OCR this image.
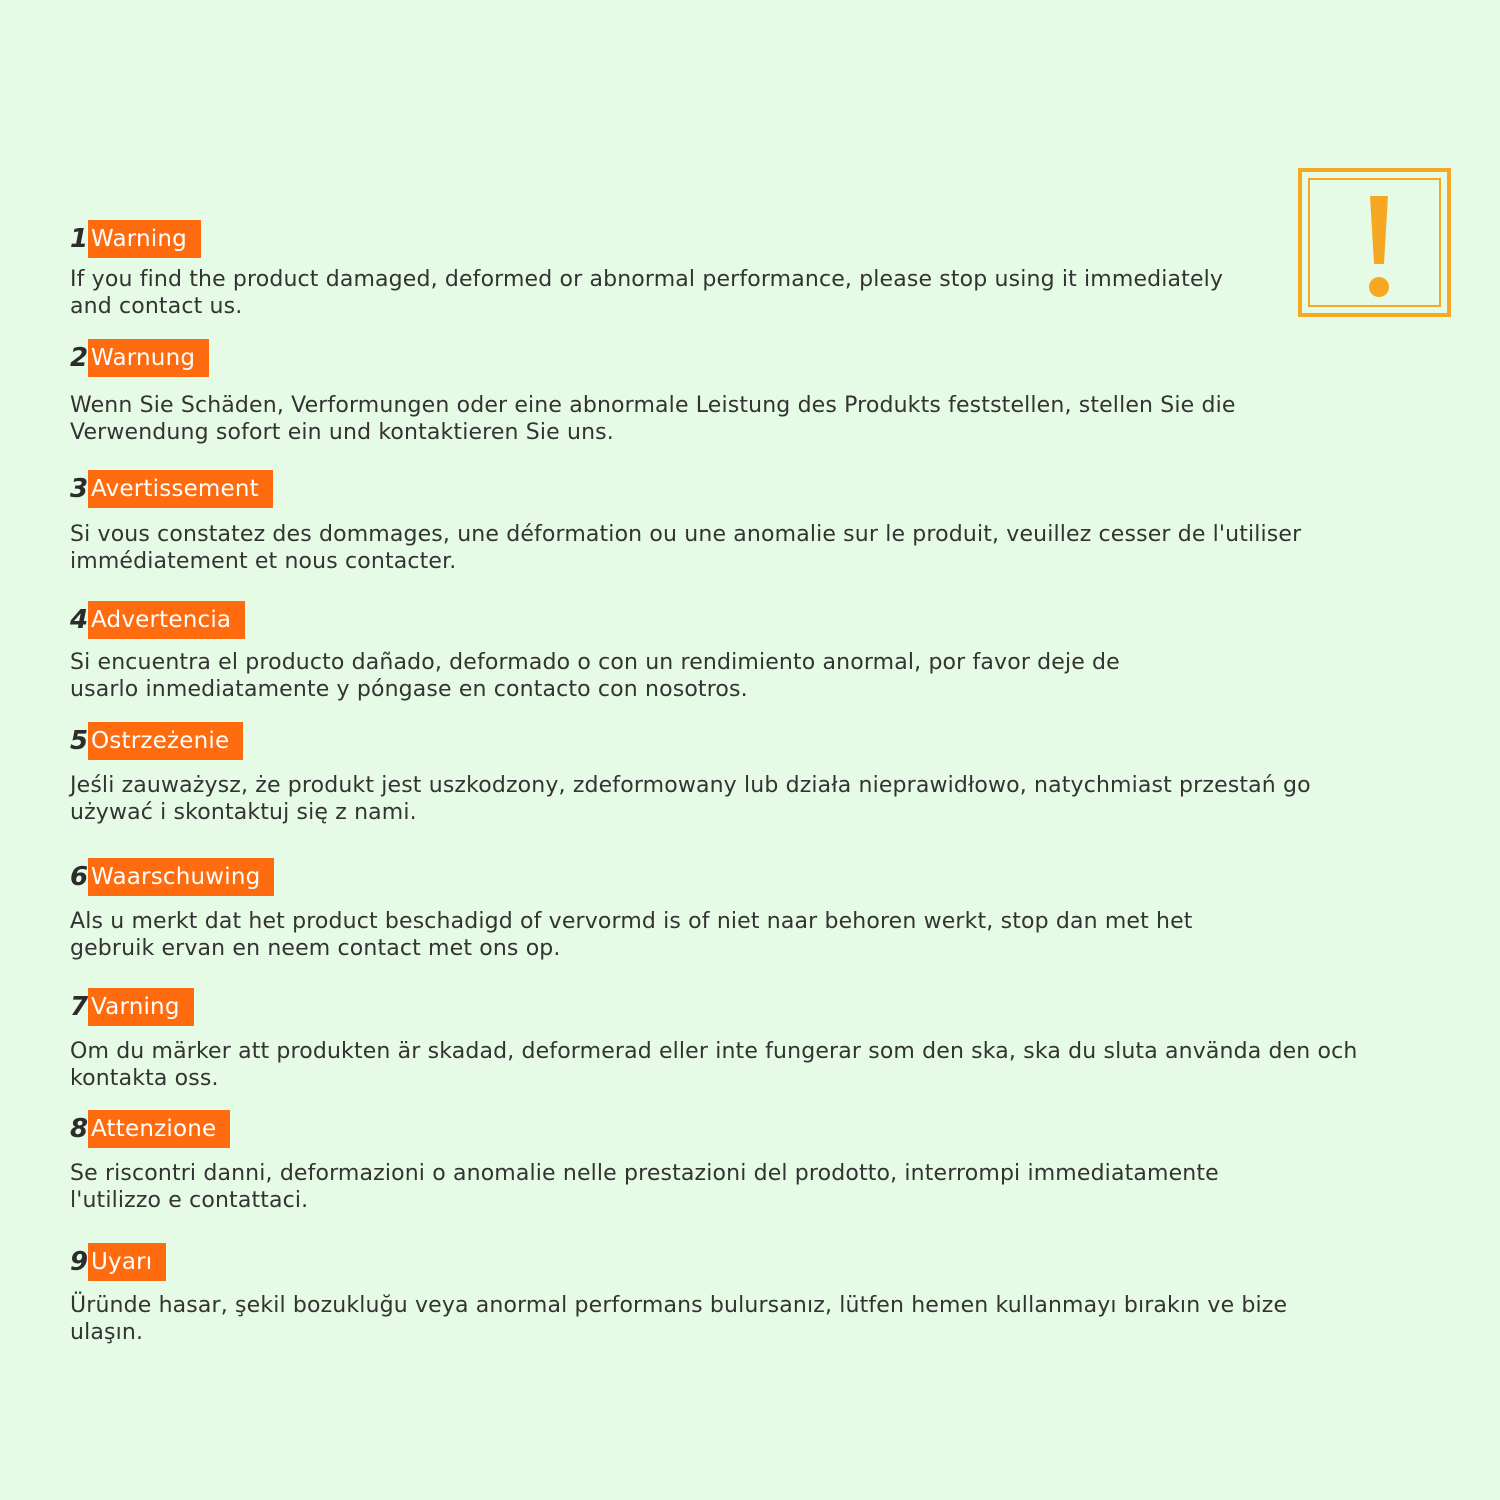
1 Warning

If you find the product damaged, deformed or abnormal performance, please stop using it immediately
and contact us.

2 Warnung

Wenn Sie Schäden, Verformungen oder eine abnormale Leistung des Produkts feststellen, stellen Sie die
Verwendung sofort ein und kontaktieren Sie uns.

3 Avertissement

Si vous constatez des dommages, une déformation ou une anomalie sur le produit, veuillez cesser de l'utiliser
immédiatement et nous contacter.

4 Advertencia

Si encuentra el producto dañado, deformado o con un rendimiento anormal, por favor deje de
usarlo inmediatamente y póngase en contacto con nosotros.

5 Ostrzeżenie

Jeśli zauważysz, że produkt jest uszkodzony, zdeformowany lub działa nieprawidłowo, natychmiast przestań go
używać i skontaktuj się z nami.

6 Waarschuwing

Als u merkt dat het product beschadigd of vervormd is of niet naar behoren werkt, stop dan met het
gebruik ervan en neem contact met ons op.

7 Varning

Om du märker att produkten är skadad, deformerad eller inte fungerar som den ska, ska du sluta använda den och
kontakta oss.

8 Attenzione

Se riscontri danni, deformazioni o anomalie nelle prestazioni del prodotto, interrompi immediatamente
l'utilizzo e contattaci.

9 Uyarı

Üründe hasar, şekil bozukluğu veya anormal performans bulursanız, lütfen hemen kullanmayı bırakın ve bize
ulaşın.
